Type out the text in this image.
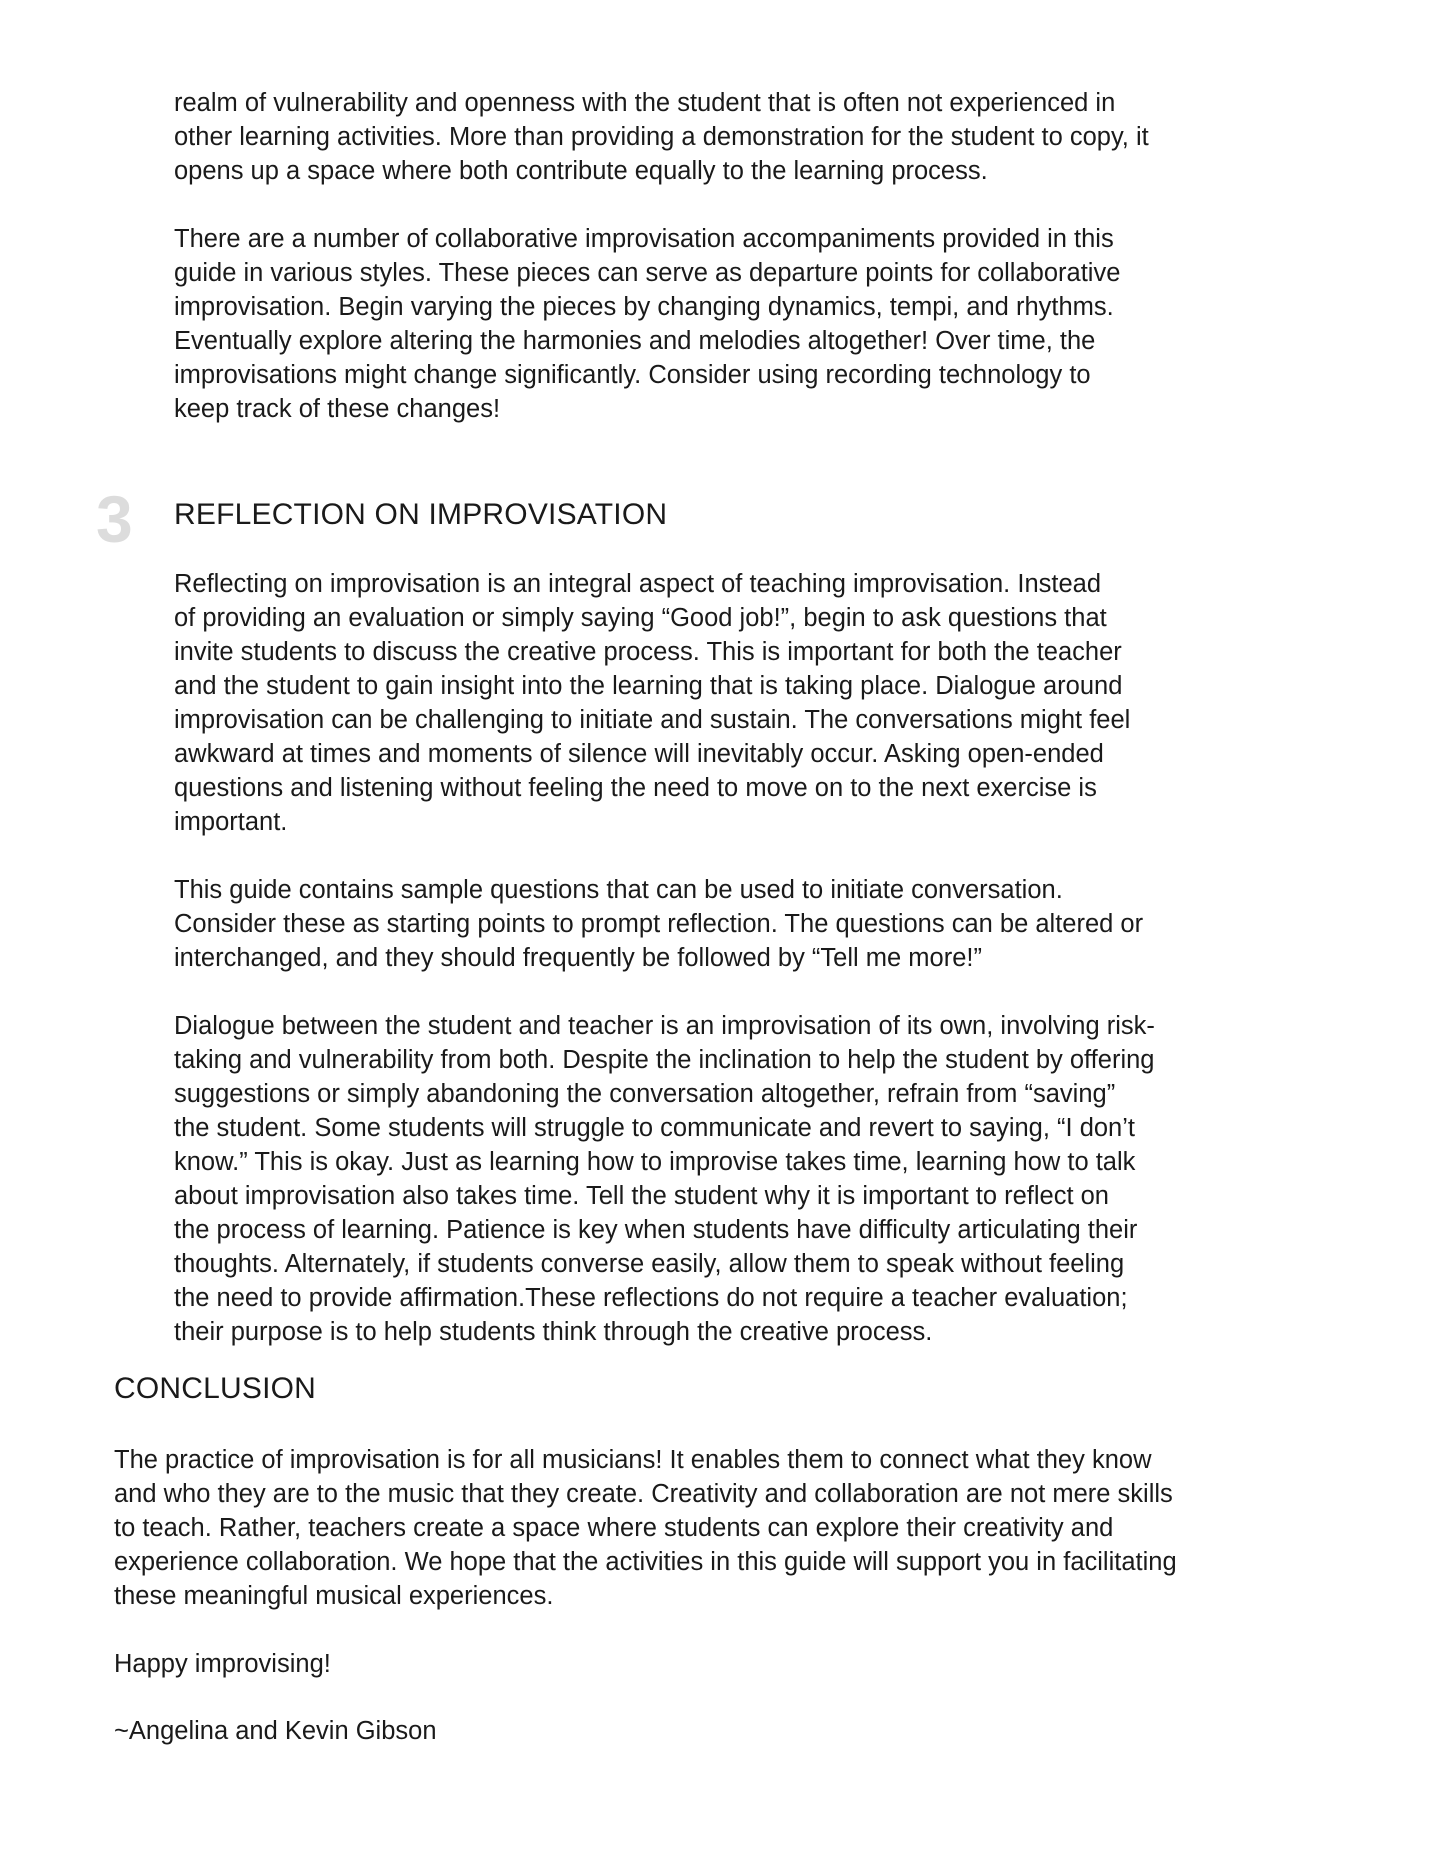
realm of vulnerability and openness with the student that is often not experienced in
other learning activities. More than providing a demonstration for the student to copy, it
opens up a space where both contribute equally to the learning process.

There are a number of collaborative improvisation accompaniments provided in this
guide in various styles. These pieces can serve as departure points for collaborative
improvisation. Begin varying the pieces by changing dynamics, tempi, and rhythms.
Eventually explore altering the harmonies and melodies altogether! Over time, the
improvisations might change significantly. Consider using recording technology to
keep track of these changes!

3 REFLECTION ON IMPROVISATION

Reflecting on improvisation is an integral aspect of teaching improvisation. Instead
of providing an evaluation or simply saying “Good job!”, begin to ask questions that
invite students to discuss the creative process. This is important for both the teacher
and the student to gain insight into the learning that is taking place. Dialogue around
improvisation can be challenging to initiate and sustain. The conversations might feel
awkward at times and moments of silence will inevitably occur. Asking open-ended
questions and listening without feeling the need to move on to the next exercise is
important.

This guide contains sample questions that can be used to initiate conversation.
Consider these as starting points to prompt reflection. The questions can be altered or
interchanged, and they should frequently be followed by “Tell me more!”

Dialogue between the student and teacher is an improvisation of its own, involving risk-
taking and vulnerability from both. Despite the inclination to help the student by offering
suggestions or simply abandoning the conversation altogether, refrain from “saving”
the student. Some students will struggle to communicate and revert to saying, “I don’t
know.” This is okay. Just as learning how to improvise takes time, learning how to talk
about improvisation also takes time. Tell the student why it is important to reflect on
the process of learning. Patience is key when students have difficulty articulating their
thoughts. Alternately, if students converse easily, allow them to speak without feeling
the need to provide affirmation.These reflections do not require a teacher evaluation;
their purpose is to help students think through the creative process.

CONCLUSION

The practice of improvisation is for all musicians! It enables them to connect what they know
and who they are to the music that they create. Creativity and collaboration are not mere skills
to teach. Rather, teachers create a space where students can explore their creativity and
experience collaboration. We hope that the activities in this guide will support you in facilitating
these meaningful musical experiences.

Happy improvising!

~Angelina and Kevin Gibson
